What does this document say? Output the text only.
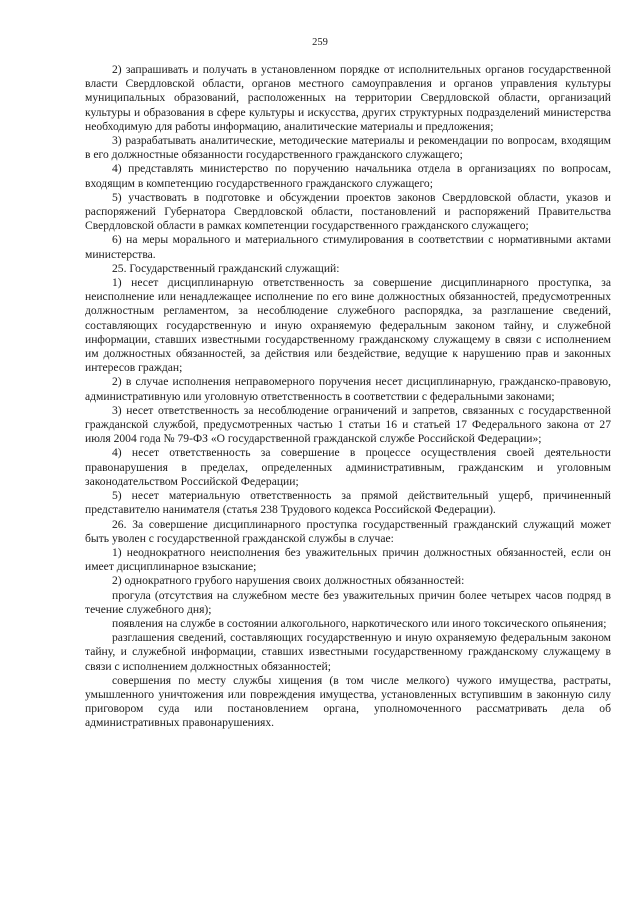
259

2) запрашивать и получать в установленном порядке от исполнительных органов государственной власти Свердловской области, органов местного самоуправления и органов управления культуры муниципальных образований, расположенных на территории Свердловской области, организаций культуры и образования в сфере культуры и искусства, других структурных подразделений министерства необходимую для работы информацию, аналитические материалы и предложения;

3) разрабатывать аналитические, методические материалы и рекомендации по вопросам, входящим в его должностные обязанности государственного гражданского служащего;

4) представлять министерство по поручению начальника отдела в организациях по вопросам, входящим в компетенцию государственного гражданского служащего;

5) участвовать в подготовке и обсуждении проектов законов Свердловской области, указов и распоряжений Губернатора Свердловской области, постановлений и распоряжений Правительства Свердловской области в рамках компетенции государственного гражданского служащего;

6) на меры морального и материального стимулирования в соответствии с нормативными актами министерства.

25. Государственный гражданский служащий:

1) несет дисциплинарную ответственность за совершение дисциплинарного проступка, за неисполнение или ненадлежащее исполнение по его вине должностных обязанностей, предусмотренных должностным регламентом, за несоблюдение служебного распорядка, за разглашение сведений, составляющих государственную и иную охраняемую федеральным законом тайну, и служебной информации, ставших известными государственному гражданскому служащему в связи с исполнением им должностных обязанностей, за действия или бездействие, ведущие к нарушению прав и законных интересов граждан;

2) в случае исполнения неправомерного поручения несет дисциплинарную, гражданско-правовую, административную или уголовную ответственность в соответствии с федеральными законами;

3) несет ответственность за несоблюдение ограничений и запретов, связанных с государственной гражданской службой, предусмотренных частью 1 статьи 16 и статьей 17 Федерального закона от 27 июля 2004 года № 79-ФЗ «О государственной гражданской службе Российской Федерации»;

4) несет ответственность за совершение в процессе осуществления своей деятельности правонарушения в пределах, определенных административным, гражданским и уголовным законодательством Российской Федерации;

5) несет материальную ответственность за прямой действительный ущерб, причиненный представителю нанимателя (статья 238 Трудового кодекса Российской Федерации).

26. За совершение дисциплинарного проступка государственный гражданский служащий может быть уволен с государственной гражданской службы в случае:

1) неоднократного неисполнения без уважительных причин должностных обязанностей, если он имеет дисциплинарное взыскание;

2) однократного грубого нарушения своих должностных обязанностей:

прогула (отсутствия на служебном месте без уважительных причин более четырех часов подряд в течение служебного дня);

появления на службе в состоянии алкогольного, наркотического или иного токсического опьянения;

разглашения сведений, составляющих государственную и иную охраняемую федеральным законом тайну, и служебной информации, ставших известными государственному гражданскому служащему в связи с исполнением должностных обязанностей;

совершения по месту службы хищения (в том числе мелкого) чужого имущества, растраты, умышленного уничтожения или повреждения имущества, установленных вступившим в законную силу приговором суда или постановлением органа, уполномоченного рассматривать дела об административных правонарушениях.
